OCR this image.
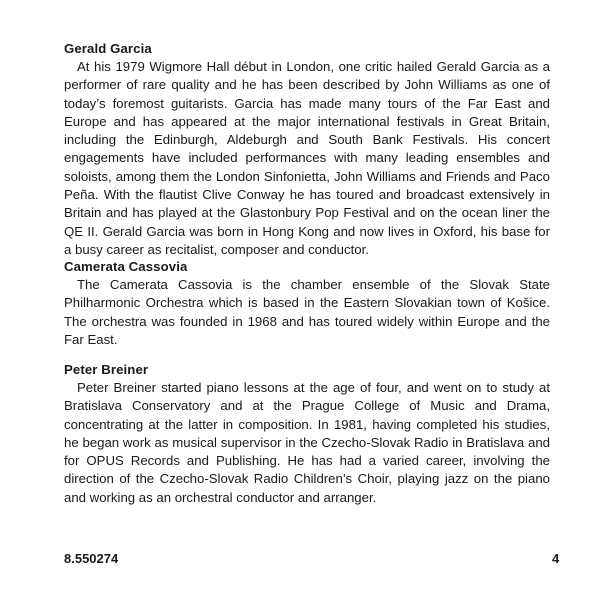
Gerald Garcia

At his 1979 Wigmore Hall début in London, one critic hailed Gerald Garcia as a performer of rare quality and he has been described by John Williams as one of today’s foremost guitarists. Garcia has made many tours of the Far East and Europe and has appeared at the major international festivals in Great Britain, including the Edinburgh, Aldeburgh and South Bank Festivals. His concert engagements have included performances with many leading ensembles and soloists, among them the London Sinfonietta, John Williams and Friends and Paco Peña. With the flautist Clive Conway he has toured and broadcast extensively in Britain and has played at the Glastonbury Pop Festival and on the ocean liner the QE II. Gerald Garcia was born in Hong Kong and now lives in Oxford, his base for a busy career as recitalist, composer and conductor.

Camerata Cassovia

The Camerata Cassovia is the chamber ensemble of the Slovak State Philharmonic Orchestra which is based in the Eastern Slovakian town of Košice. The orchestra was founded in 1968 and has toured widely within Europe and the Far East.

Peter Breiner

Peter Breiner started piano lessons at the age of four, and went on to study at Bratislava Conservatory and at the Prague College of Music and Drama, concentrating at the latter in composition. In 1981, having completed his studies, he began work as musical supervisor in the Czecho-Slovak Radio in Bratislava and for OPUS Records and Publishing. He has had a varied career, involving the direction of the Czecho-Slovak Radio Children’s Choir, playing jazz on the piano and working as an orchestral conductor and arranger.

8.550274	4
